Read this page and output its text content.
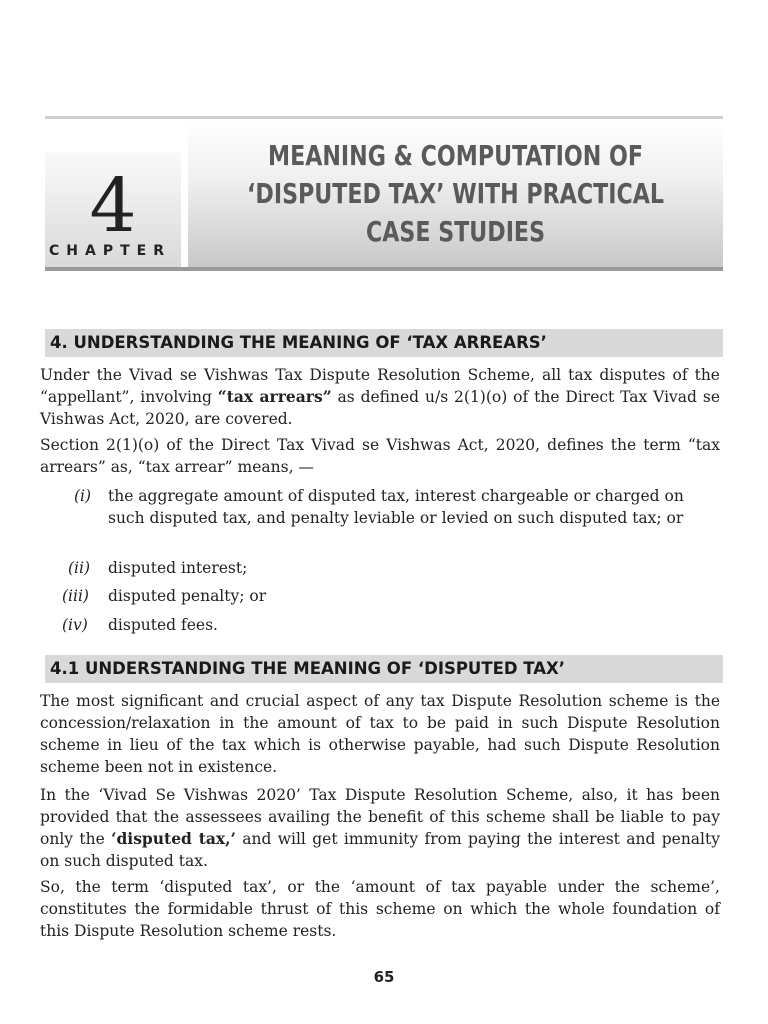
4
CHAPTER
MEANING & COMPUTATION OF
‘DISPUTED TAX’ WITH PRACTICAL
CASE STUDIES
4. UNDERSTANDING THE MEANING OF ‘TAX ARREARS’
Under the Vivad se Vishwas Tax Dispute Resolution Scheme, all tax disputes of the “appellant”, involving “tax arrears” as defined u/s 2(1)(o) of the Direct Tax Vivad se Vishwas Act, 2020, are covered.
Section 2(1)(o) of the Direct Tax Vivad se Vishwas Act, 2020, defines the term “tax arrears” as, “tax arrear” means, —
(i)	the aggregate amount of disputed tax, interest chargeable or charged on such disputed tax, and penalty leviable or levied on such disputed tax; or
(ii) disputed interest;
(iii) disputed penalty; or
(iv) disputed fees.
4.1 UNDERSTANDING THE MEANING OF ‘DISPUTED TAX’
The most significant and crucial aspect of any tax Dispute Resolution scheme is the concession/relaxation in the amount of tax to be paid in such Dispute Resolution scheme in lieu of the tax which is otherwise payable, had such Dispute Resolution scheme been not in existence.
In the ‘Vivad Se Vishwas 2020’ Tax Dispute Resolution Scheme, also, it has been provided that the assessees availing the benefit of this scheme shall be liable to pay only the ‘disputed tax,’ and will get immunity from paying the interest and penalty on such disputed tax.
So, the term ‘disputed tax’, or the ‘amount of tax payable under the scheme’, constitutes the formidable thrust of this scheme on which the whole foundation of this Dispute Resolution scheme rests.
65
